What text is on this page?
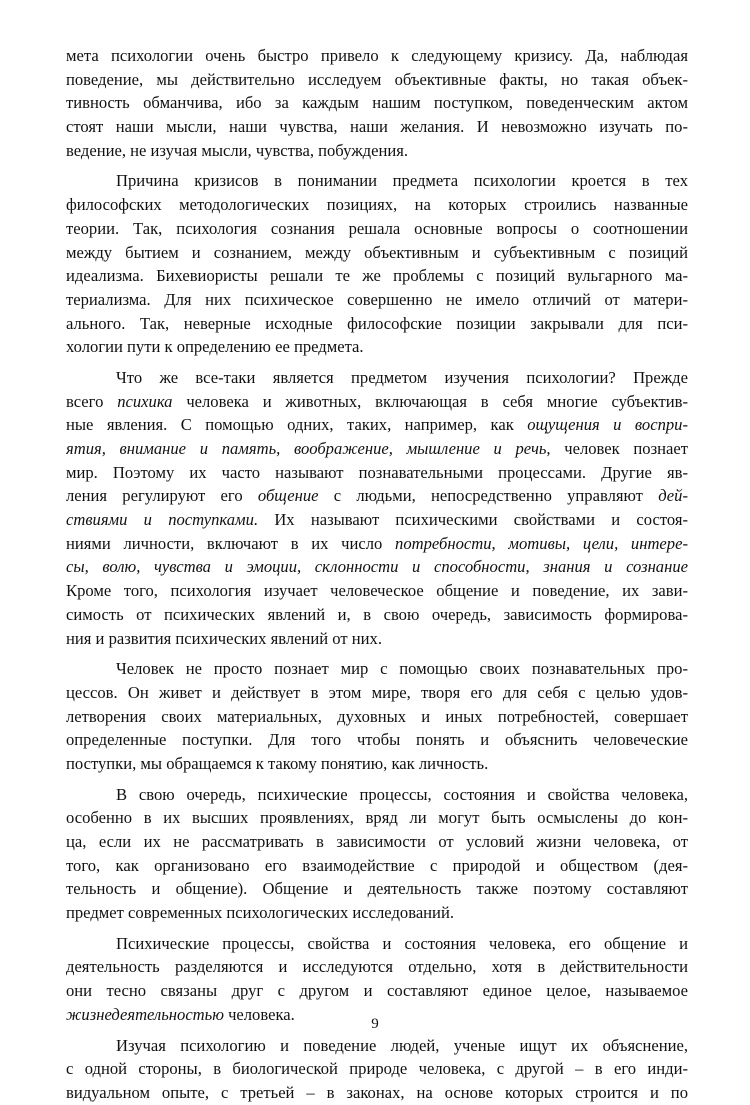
мета психологии очень быстро привело к следующему кризису. Да, наблюдая
поведение, мы действительно исследуем объективные факты, но такая объек-
тивность обманчива, ибо за каждым нашим поступком, поведенческим актом
стоят наши мысли, наши чувства, наши желания. И невозможно изучать по-
ведение, не изучая мысли, чувства, побуждения.
Причина кризисов в понимании предмета психологии кроется в тех
философских методологических позициях, на которых строились названные
теории. Так, психология сознания решала основные вопросы о соотношении
между бытием и сознанием, между объективным и субъективным с позиций
идеализма. Бихевиористы решали те же проблемы с позиций вульгарного ма-
териализма. Для них психическое совершенно не имело отличий от матери-
ального. Так, неверные исходные философские позиции закрывали для пси-
хологии пути к определению ее предмета.
Что же все-таки является предметом изучения психологии? Прежде
всего психика человека и животных, включающая в себя многие субъектив-
ные явления. С помощью одних, таких, например, как ощущения и воспри-
ятия, внимание и память, воображение, мышление и речь, человек познает
мир. Поэтому их часто называют познавательными процессами. Другие яв-
ления регулируют его общение с людьми, непосредственно управляют дей-
ствиями и поступками. Их называют психическими свойствами и состоя-
ниями личности, включают в их число потребности, мотивы, цели, интере-
сы, волю, чувства и эмоции, склонности и способности, знания и сознание
Кроме того, психология изучает человеческое общение и поведение, их зави-
симость от психических явлений и, в свою очередь, зависимость формирова-
ния и развития психических явлений от них.
Человек не просто познает мир с помощью своих познавательных про-
цессов. Он живет и действует в этом мире, творя его для себя с целью удов-
летворения своих материальных, духовных и иных потребностей, совершает
определенные поступки. Для того чтобы понять и объяснить человеческие
поступки, мы обращаемся к такому понятию, как личность.
В свою очередь, психические процессы, состояния и свойства человека,
особенно в их высших проявлениях, вряд ли могут быть осмыслены до кон-
ца, если их не рассматривать в зависимости от условий жизни человека, от
того, как организовано его взаимодействие с природой и обществом (дея-
тельность и общение). Общение и деятельность также поэтому составляют
предмет современных психологических исследований.
Психические процессы, свойства и состояния человека, его общение и
деятельность разделяются и исследуются отдельно, хотя в действительности
они тесно связаны друг с другом и составляют единое целое, называемое
жизнедеятельностью человека.
Изучая психологию и поведение людей, ученые ищут их объяснение,
с одной стороны, в биологической природе человека, с другой – в его инди-
видуальном опыте, с третьей – в законах, на основе которых строится и по
9
